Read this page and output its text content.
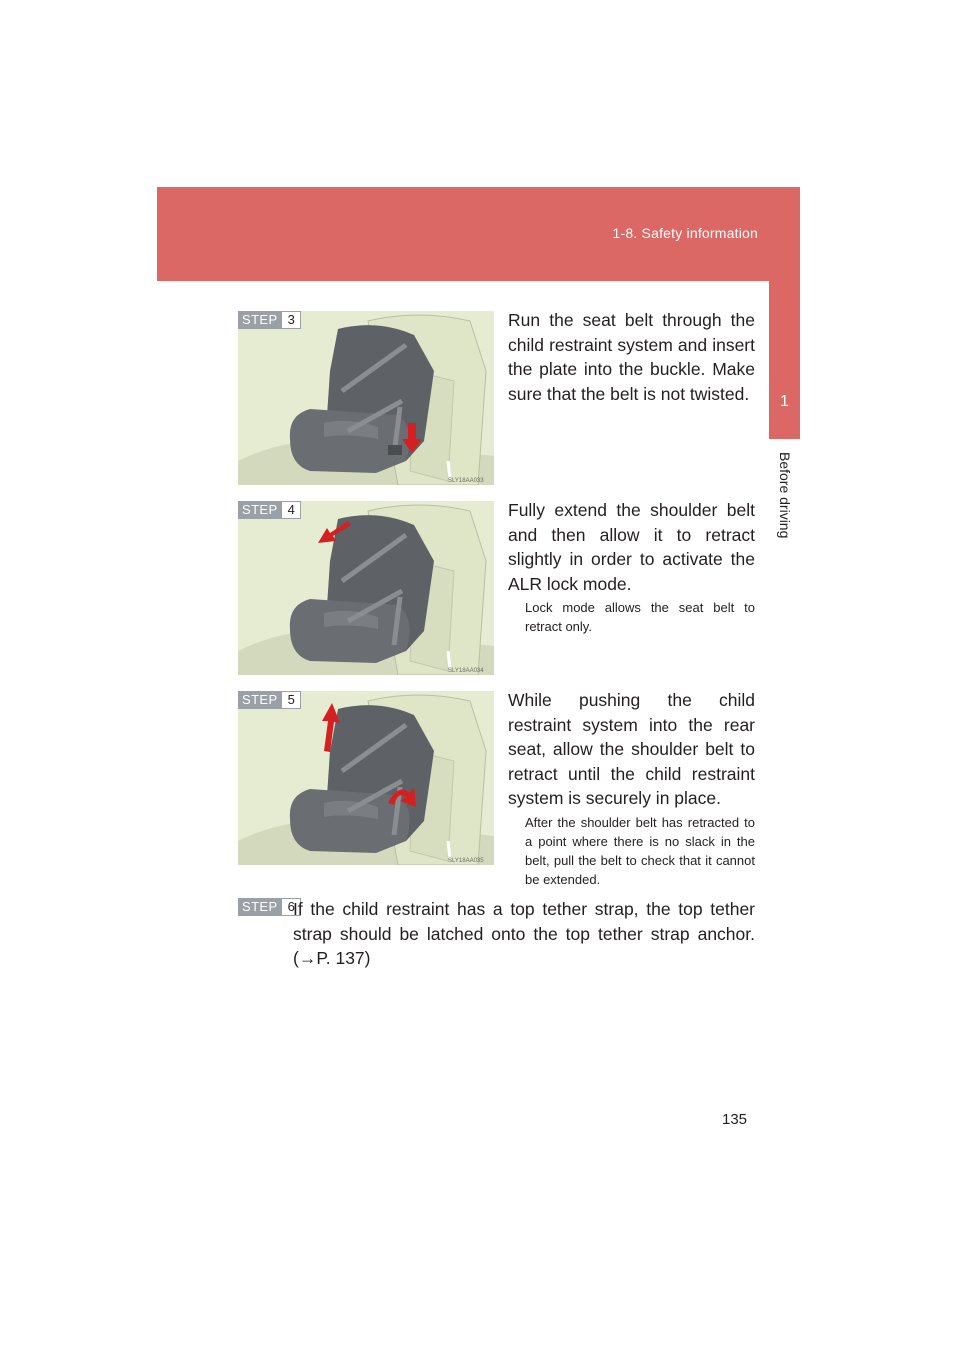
1-8. Safety information
1
Before driving
SLY18AA033
STEP 3	Run the seat belt through the child restraint system and insert the plate into the buckle. Make sure that the belt is not twisted.
SLY18AA034
STEP 4	Fully extend the shoulder belt and then allow it to retract slightly in order to activate the ALR lock mode.
Lock mode allows the seat belt to retract only.
SLY18AA035
STEP 5	While pushing the child restraint system into the rear seat, allow the shoulder belt to retract until the child restraint system is securely in place.
After the shoulder belt has retracted to a point where there is no slack in the belt, pull the belt to check that it cannot be extended.
STEP 6
If the child restraint has a top tether strap, the top tether strap should be latched onto the top tether strap anchor. (→P. 137)
135
